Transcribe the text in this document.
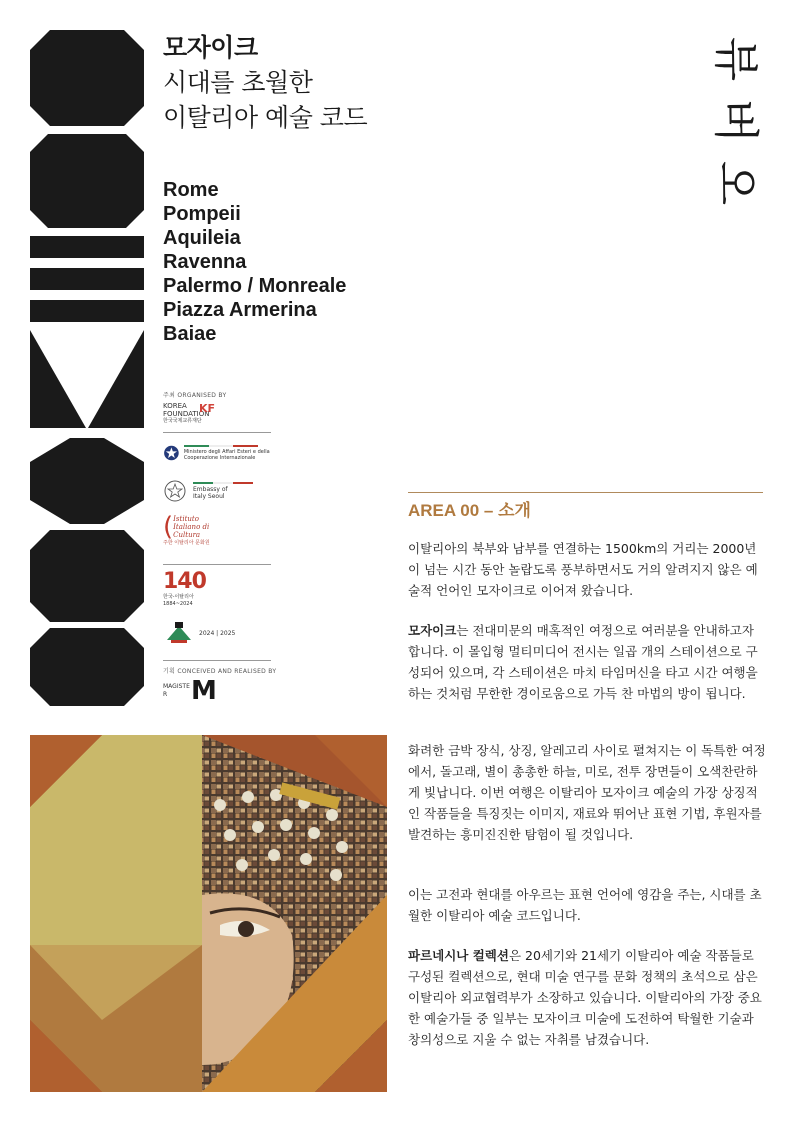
모자이크
시대를 초월한
이탈리아 예술 코드
Rome
Pompeii
Aquileia
Ravenna
Palermo / Monreale
Piazza Armerina
Baiae
뷰
버
오
주최 ORGANISED BY
KOREA FOUNDATION
KF
한국국제교류재단
Ministero degli Affari Esteri e della Cooperazione Internazionale
Embassy of Italy Seoul
( Istituto Italiano di Cultura
주한 이탈리아 문화원
140
한국-이탈리아 1884~2024
2024 | 2025
기획 CONCEIVED AND REALISED BY
MAGISTER M
AREA 00 – 소개

이탈리아의 북부와 남부를 연결하는 1500km의 거리는 2000년이 넘는 시간 동안 놀랍도록 풍부하면서도 거의 알려지지 않은 예술적 언어인 모자이크로 이어져 왔습니다.

모자이크는 전대미문의 매혹적인 여정으로 여러분을 안내하고자 합니다. 이 몰입형 멀티미디어 전시는 일곱 개의 스테이션으로 구성되어 있으며, 각 스테이션은 마치 타임머신을 타고 시간 여행을 하는 것처럼 무한한 경이로움으로 가득 찬 마법의 방이 됩니다.

화려한 금박 장식, 상징, 알레고리 사이로 펼쳐지는 이 독특한 여정에서, 돌고래, 별이 총총한 하늘, 미로, 전투 장면들이 오색찬란하게 빛납니다. 이번 여행은 이탈리아 모자이크 예술의 가장 상징적인 작품들을 특징짓는 이미지, 재료와 뛰어난 표현 기법, 후원자를 발견하는 흥미진진한 탐험이 될 것입니다.

이는 고전과 현대를 아우르는 표현 언어에 영감을 주는, 시대를 초월한 이탈리아 예술 코드입니다.

파르네시나 컬렉션은 20세기와 21세기 이탈리아 예술 작품들로 구성된 컬렉션으로, 현대 미술 연구를 문화 정책의 초석으로 삼은 이탈리아 외교협력부가 소장하고 있습니다. 이탈리아의 가장 중요한 예술가들 중 일부는 모자이크 미술에 도전하여 탁월한 기술과 창의성으로 지울 수 없는 자취를 남겼습니다.
